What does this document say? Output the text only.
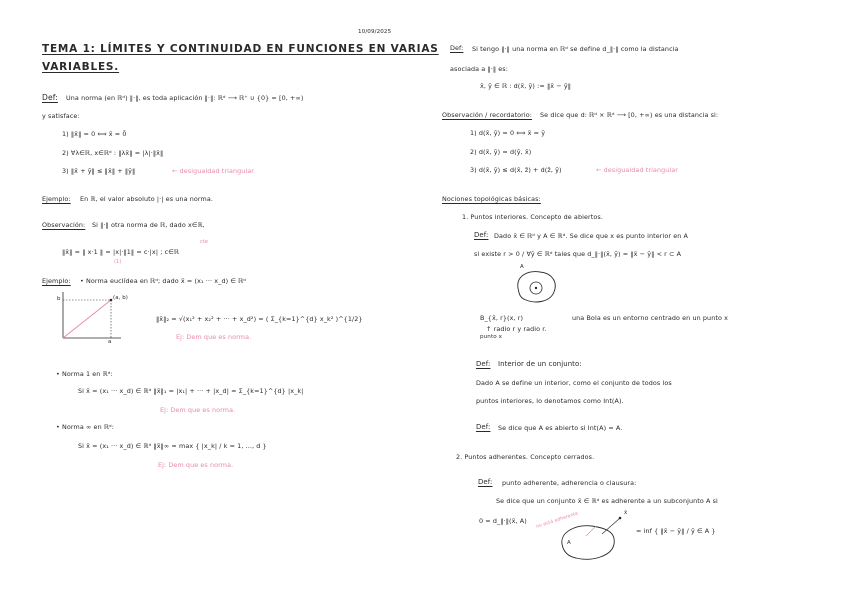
10/09/2025
TEMA 1: LÍMITES Y CONTINUIDAD EN FUNCIONES EN VARIAS
VARIABLES.
Def: Una norma (en ℝᵈ) ‖·‖, es toda aplicación ‖·‖: ℝᵈ ⟶ ℝ⁺ ∪ {0} = [0, +∞)
y satisface:
1) ‖x̄‖ = 0 ⟺ x̄ = 0̄
2) ∀λ∈ℝ, x∈ℝᵈ : ‖λx̄‖ = |λ|·‖x̄‖
3) ‖x̄ + ȳ‖ ≤ ‖x̄‖ + ‖ȳ‖	← desigualdad triangular
Ejemplo: En ℝ, el valor absoluto |·| es una norma.
Observación: Si ‖·‖ otra norma de ℝ, dado x∈ℝ,
cte
‖x̄‖ = ‖ x·1 ‖ = |x|·‖1‖ = c·|x| ; c∈ℝ
(1)
Ejemplo: • Norma euclídea en ℝᵈ; dado x̄ = (x₁ ··· x_d) ∈ ℝᵈ
(a, b)
b
a
‖x̄‖₂ = √(x₁² + x₂² + ··· + x_d²) = ( Σ_{k=1}^{d} x_k² )^{1/2}
Ej: Dem que es norma.
• Norma 1 en ℝᵈ:
Si x̄ = (x₁ ··· x_d) ∈ ℝᵈ ‖x̄‖₁ = |x₁| + ··· + |x_d| = Σ_{k=1}^{d} |x_k|
Ej: Dem que es norma.
• Norma ∞ en ℝᵈ:
Si x̄ = (x₁ ··· x_d) ∈ ℝᵈ ‖x̄‖∞ = max { |x_k| / k = 1, ..., d }
Ej: Dem que es norma.
Def: Si tengo ‖·‖ una norma en ℝᵈ se define d_‖·‖ como la distancia
asociada a ‖·‖ es:
x̄, ȳ ∈ ℝ : d(x̄, ȳ) := ‖x̄ − ȳ‖
Observación / recordatorio: Se dice que d: ℝᵈ × ℝᵈ ⟶ [0, +∞) es una distancia si:
1) d(x̄, ȳ) = 0 ⟺ x̄ = ȳ
2) d(x̄, ȳ) = d(ȳ, x̄)
3) d(x̄, ȳ) ≤ d(x̄, z̄) + d(z̄, ȳ)	← desigualdad triangular
Nociones topológicas básicas:
1. Puntos interiores. Concepto de abiertos.
Def: Dado x̄ ∈ ℝᵈ y A ∈ ℝᵈ. Se dice que x es punto interior en A
si existe r > 0 / ∀ȳ ∈ ℝᵈ tales que d_‖·‖(x̄, ȳ) = ‖x̄ − ȳ‖ < r ⊂ A
A
B_{x̄, r}(x, r)	una Bola es un entorno centrado en un punto x
↑ radio r y radio r.
punto x
Def: Interior de un conjunto:
Dado A se define un interior, como el conjunto de todos los
puntos interiores, lo denotamos como Int(A).
Def: Se dice que A es abierto si Int(A) = A.
2. Puntos adherentes. Concepto cerrados.
Def: punto adherente, adherencia o clausura:
Se dice que un conjunto x̄ ∈ ℝᵈ es adherente a un subconjunto A si
0 = d_‖·‖(x̄, A)
A
x̄
no está adherente
= inf { ‖x̄ − ȳ‖ / ȳ ∈ A }
